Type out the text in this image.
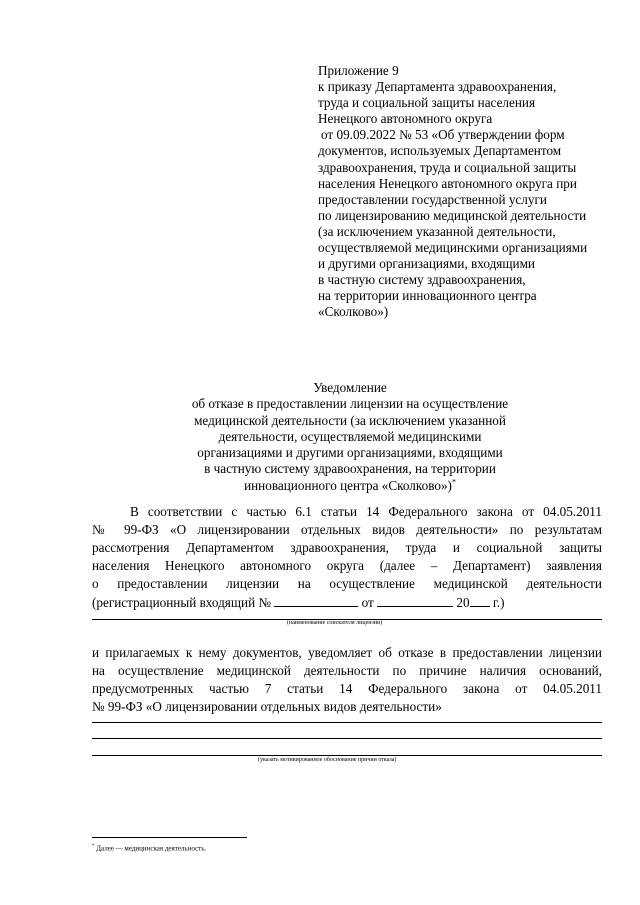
Приложение 9
к приказу Департамента здравоохранения,
труда и социальной защиты населения
Ненецкого автономного округа
от 09.09.2022 № 53 «Об утверждении форм
документов, используемых Департаментом
здравоохранения, труда и социальной защиты
населения Ненецкого автономного округа при
предоставлении государственной услуги
по лицензированию медицинской деятельности
(за исключением указанной деятельности,
осуществляемой медицинскими организациями
и другими организациями, входящими
в частную систему здравоохранения,
на территории инновационного центра
«Сколково»)
Уведомление
об отказе в предоставлении лицензии на осуществление
медицинской деятельности (за исключением указанной
деятельности, осуществляемой медицинскими
организациями и другими организациями, входящими
в частную систему здравоохранения, на территории
инновационного центра «Сколково»)*
В соответствии с частью 6.1 статьи 14 Федерального закона от 04.05.2011
№ 99-ФЗ «О лицензировании отдельных видов деятельности» по результатам
рассмотрения Департаментом здравоохранения, труда и социальной защиты
населения Ненецкого автономного округа (далее – Департамент) заявления
о предоставлении лицензии на осуществление медицинской деятельности
(регистрационный входящий №	от	20 г.)
(наименование соискателя лицензии)
и прилагаемых к нему документов, уведомляет об отказе в предоставлении лицензии
на осуществление медицинской деятельности по причине наличия оснований,
предусмотренных частью 7 статьи 14 Федерального закона от 04.05.2011
№ 99-ФЗ «О лицензировании отдельных видов деятельности»
(указать мотивированное обоснование причин отказа)
* Далее — медицинская деятельность.
